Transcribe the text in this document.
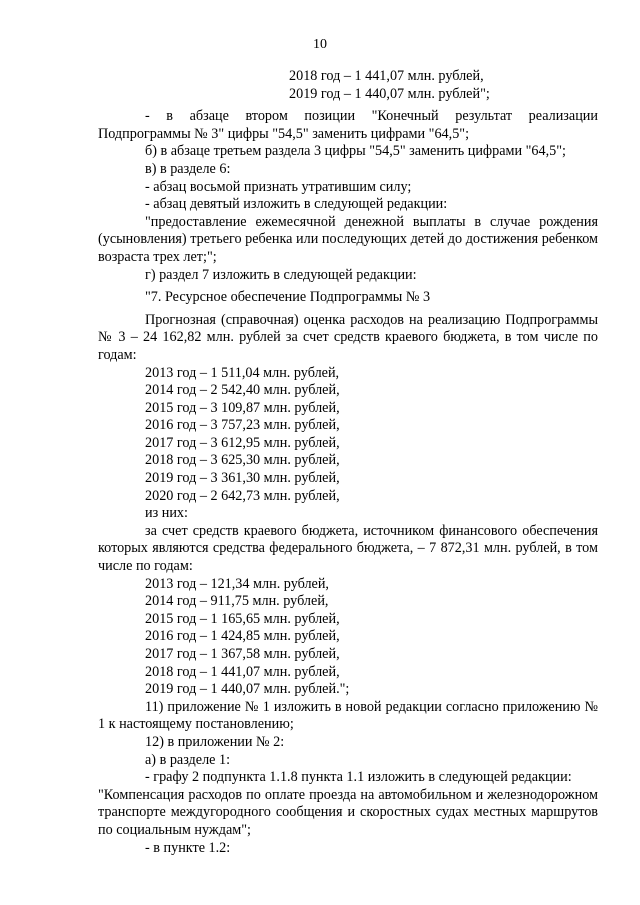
10

2018 год – 1 441,07 млн. рублей,

2019 год – 1 440,07 млн. рублей";

- в абзаце втором позиции "Конечный результат реализации Подпрограммы № 3" цифры "54,5" заменить цифрами "64,5";

б) в абзаце третьем раздела 3 цифры "54,5" заменить цифрами "64,5";

в) в разделе 6:

- абзац восьмой признать утратившим силу;

- абзац девятый изложить в следующей редакции:

"предоставление ежемесячной денежной выплаты в случае рождения (усыновления) третьего ребенка или последующих детей до достижения ребенком возраста трех лет;";

г) раздел 7 изложить в следующей редакции:

"7. Ресурсное обеспечение Подпрограммы № 3

Прогнозная (справочная) оценка расходов на реализацию Подпрограммы № 3 – 24 162,82 млн. рублей за счет средств краевого бюджета, в том числе по годам:

2013 год – 1 511,04 млн. рублей,

2014 год – 2 542,40 млн. рублей,

2015 год – 3 109,87 млн. рублей,

2016 год – 3 757,23 млн. рублей,

2017 год – 3 612,95 млн. рублей,

2018 год – 3 625,30 млн. рублей,

2019 год – 3 361,30 млн. рублей,

2020 год – 2 642,73 млн. рублей,

из них:

за счет средств краевого бюджета, источником финансового обеспечения которых являются средства федерального бюджета, – 7 872,31 млн. рублей, в том числе по годам:

2013 год – 121,34 млн. рублей,

2014 год – 911,75 млн. рублей,

2015 год – 1 165,65 млн. рублей,

2016 год – 1 424,85 млн. рублей,

2017 год – 1 367,58 млн. рублей,

2018 год – 1 441,07 млн. рублей,

2019 год – 1 440,07 млн. рублей.";

11) приложение № 1 изложить в новой редакции согласно приложению № 1 к настоящему постановлению;

12) в приложении № 2:

а) в разделе 1:

- графу 2 подпункта 1.1.8 пункта 1.1 изложить в следующей редакции:

"Компенсация расходов по оплате проезда на автомобильном и железнодорожном транспорте междугородного сообщения и скоростных судах местных маршрутов по социальным нуждам";

- в пункте 1.2:
